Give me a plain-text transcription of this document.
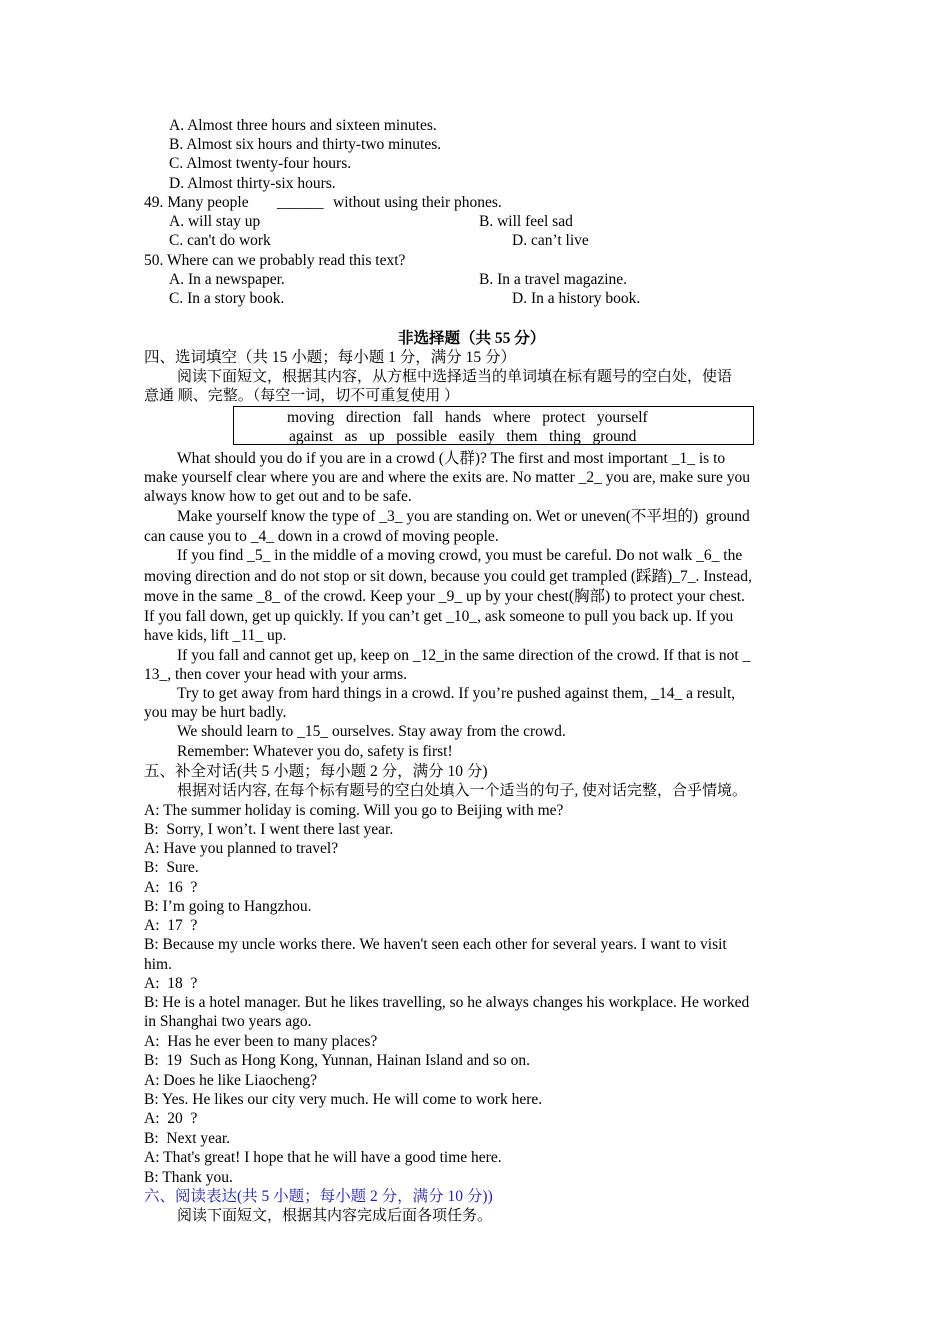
A. Almost three hours and sixteen minutes.
B. Almost six hours and thirty-two minutes.
C. Almost twenty-four hours.
D. Almost thirty-six hours.
49. Many people ______ without using their phones.
A. will stay up	B. will feel sad
C. can't do work	D. can’t live
50. Where can we probably read this text?
A. In a newspaper.	B. In a travel magazine.
C. In a story book.	D. In a history book.
非选择题（共 55 分）
四、选词填空（共 15 小题；每小题 1 分，满分 15 分）
阅读下面短文，根据其内容，从方框中选择适当的单词填在标有题号的空白处，使语
意通 顺、完整。（每空一词，切不可重复使用 ）
moving   direction   fall   hands   where   protect   yourself
against   as   up   possible   easily   them   thing   ground
What should you do if you are in a crowd (人群)? The first and most important _1_ is to
make yourself clear where you are and where the exits are. No matter _2_ you are, make sure you
always know how to get out and to be safe.
Make yourself know the type of _3_ you are standing on. Wet or uneven(不平坦的)  ground
can cause you to _4_ down in a crowd of moving people.
If you find _5_ in the middle of a moving crowd, you must be careful. Do not walk _6_ the
moving direction and do not stop or sit down, because you could get trampled (踩踏)_7_. Instead,
move in the same _8_ of the crowd. Keep your _9_ up by your chest(胸部) to protect your chest.
If you fall down, get up quickly. If you can’t get _10_, ask someone to pull you back up. If you
have kids, lift _11_ up.
If you fall and cannot get up, keep on _12_in the same direction of the crowd. If that is not _
13_, then cover your head with your arms.
Try to get away from hard things in a crowd. If you’re pushed against them, _14_ a result,
you may be hurt badly.
We should learn to _15_ ourselves. Stay away from the crowd.
Remember: Whatever you do, safety is first!
五、补全对话(共 5 小题；每小题 2 分，满分 10 分)
根据对话内容, 在每个标有题号的空白处填入一个适当的句子, 使对话完整，合乎情境。
A: The summer holiday is coming. Will you go to Beijing with me?
B:  Sorry, I won’t. I went there last year.
A: Have you planned to travel?
B:  Sure.
A:  16  ?
B: I’m going to Hangzhou.
A:  17  ?
B: Because my uncle works there. We haven't seen each other for several years. I want to visit
him.
A:  18  ?
B: He is a hotel manager. But he likes travelling, so he always changes his workplace. He worked
in Shanghai two years ago.
A:  Has he ever been to many places?
B:  19  Such as Hong Kong, Yunnan, Hainan Island and so on.
A: Does he like Liaocheng?
B: Yes. He likes our city very much. He will come to work here.
A:  20  ?
B:  Next year.
A: That's great! I hope that he will have a good time here.
B: Thank you.
六、阅读表达(共 5 小题；每小题 2 分，满分 10 分))
阅读下面短文，根据其内容完成后面各项任务。
